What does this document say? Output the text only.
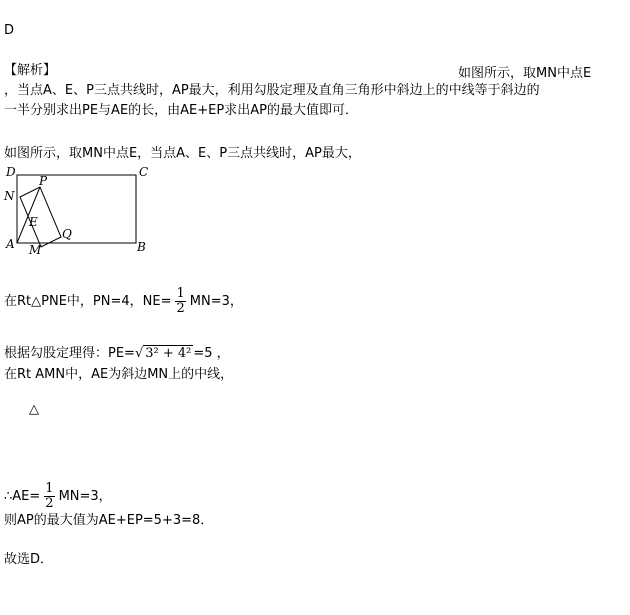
D
【解析】	如图所示，取MN中点E
，当点A、E、P三点共线时，AP最大，利用勾股定理及直角三角形中斜边上的中线等于斜边的
一半分别求出PE与AE的长，由AE+EP求出AP的最大值即可．
如图所示，取MN中点E，当点A、E、P三点共线时，AP最大，
D	C
P
N
E
Q
A M	B
在Rt△PNE中，PN=4，$NE= \frac{1}{2} MN=3$，
根据勾股定理得：PE=√ 3² + 4² =5 ，
在Rt AMN中，AE为斜边MN上的中线，
△
∴AE= $\frac{1}{2} MN=3$，
则AP的最大值为AE+EP=5+3=8．
故选D．
